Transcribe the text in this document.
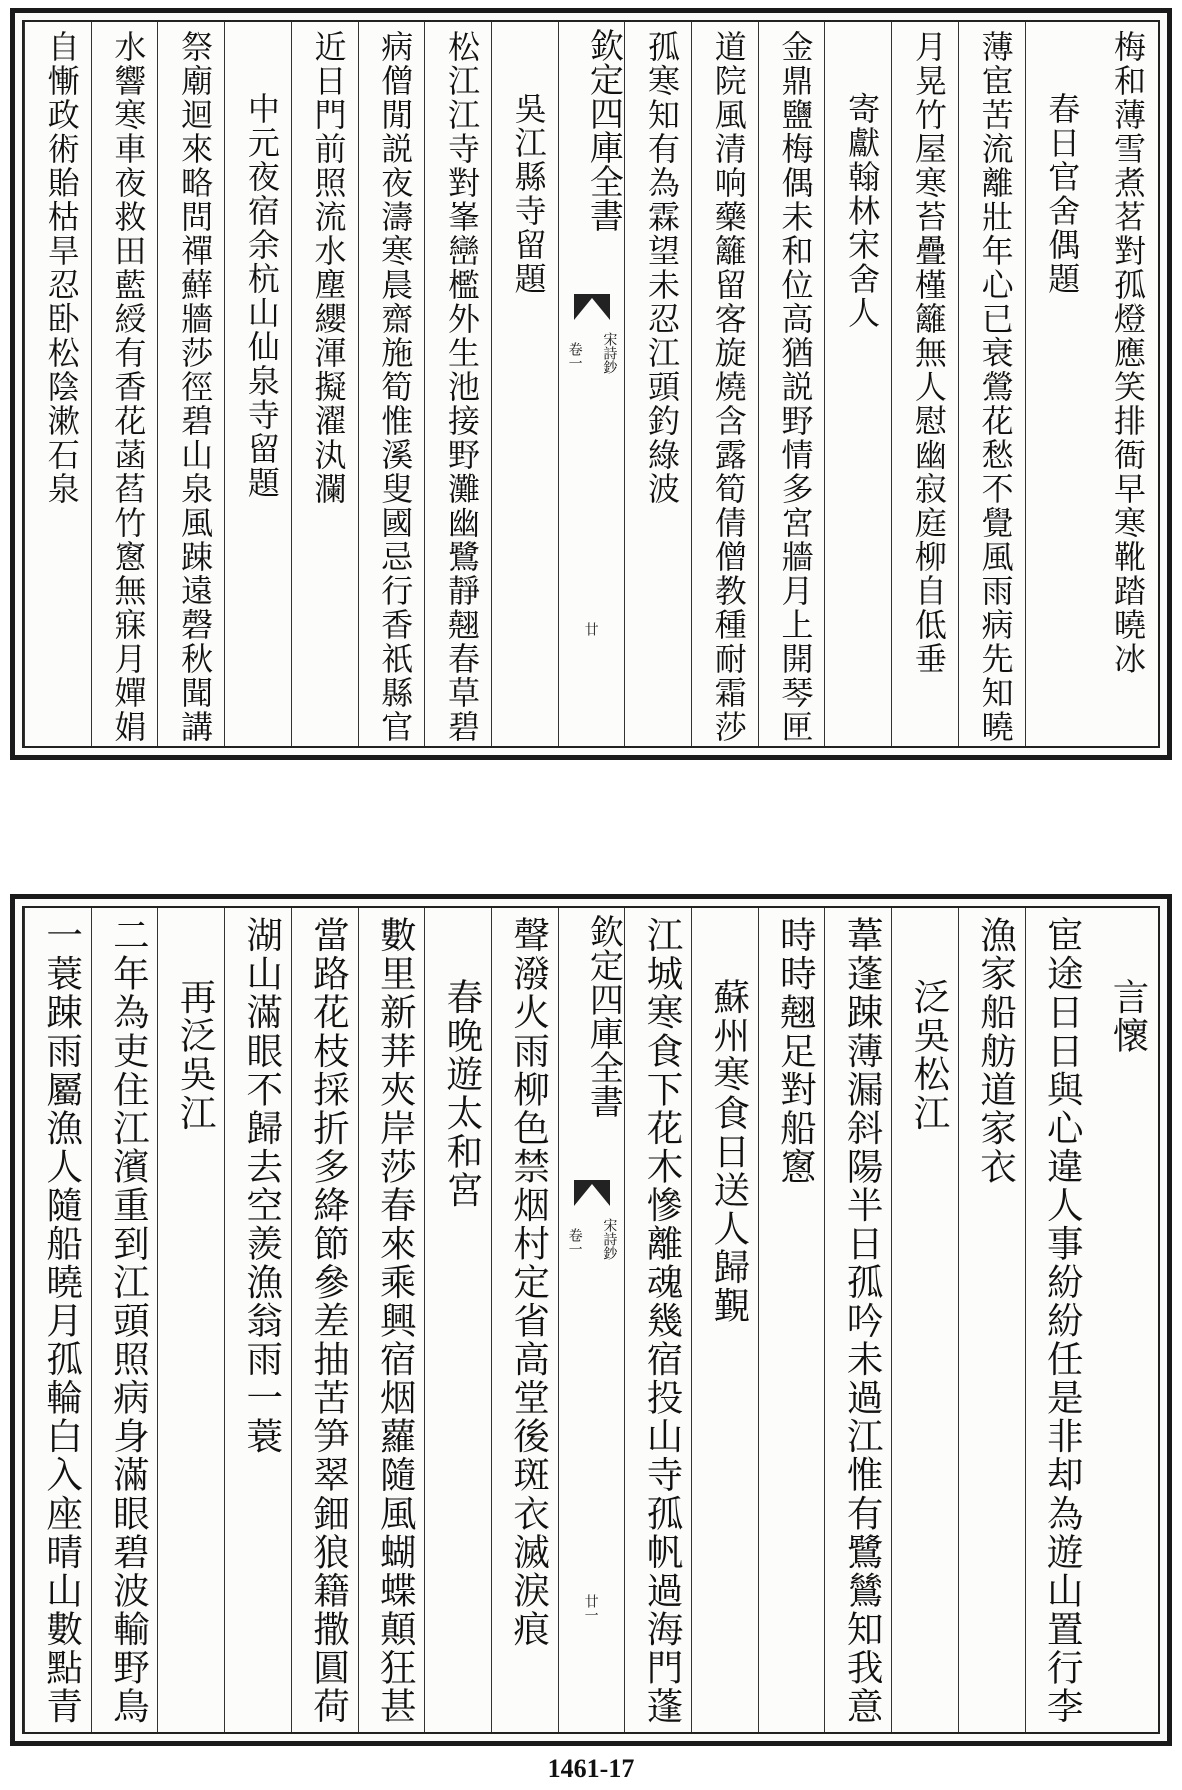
梅和薄雪煮茗對孤燈應笑排衙早寒靴踏曉冰
春日官舍偶題
薄宦苦流離壯年心已衰鶯花愁不覺風雨病先知曉
月晃竹屋寒苔疊槿籬無人慰幽寂庭柳自低垂
寄獻翰林宋舍人
金鼎鹽梅偶未和位高猶説野情多宮牆月上開琴匣
道院風清响藥籬留客旋燒含露筍倩僧教種耐霜莎
孤寒知有為霖望未忍江頭釣綠波
欽定四庫全書
宋詩鈔
卷一
廿
吳江縣寺留題
松江江寺對峯巒檻外生池接野灘幽鷺靜翹春草碧
病僧閒説夜濤寒晨齋施筍惟溪叟國忌行香祇縣官
近日門前照流水塵纓渾擬濯汍瀾
中元夜宿余杭山仙泉寺留題
祭廟迴來略問禪蘚牆莎徑碧山泉風踈遠磬秋聞講
水響寒車夜救田藍綬有香花菡萏竹窻無寐月嬋娟
自慚政術貽枯旱忍卧松陰漱石泉
言懷
宦途日日與心違人事紛紛任是非却為遊山置行李
漁家船舫道家衣
泛吳松江
葦蓬踈薄漏斜陽半日孤吟未過江惟有鷺鷥知我意
時時翹足對船窻
蘇州寒食日送人歸覲
江城寒食下花木慘離魂幾宿投山寺孤帆過海門蓬
欽定四庫全書
宋詩鈔
卷一
廿一
聲潑火雨柳色禁烟村定省高堂後斑衣滅淚痕
春晚遊太和宮
數里新荓夾岸莎春來乘興宿烟蘿隨風蝴蝶顛狂甚
當路花枝採折多絳節參差抽苦笋翠鈿狼籍撒圓荷
湖山滿眼不歸去空羨漁翁雨一蓑
再泛吳江
二年為吏住江濱重到江頭照病身滿眼碧波輸野鳥
一蓑踈雨屬漁人隨船曉月孤輪白入座晴山數點青
1461-17
